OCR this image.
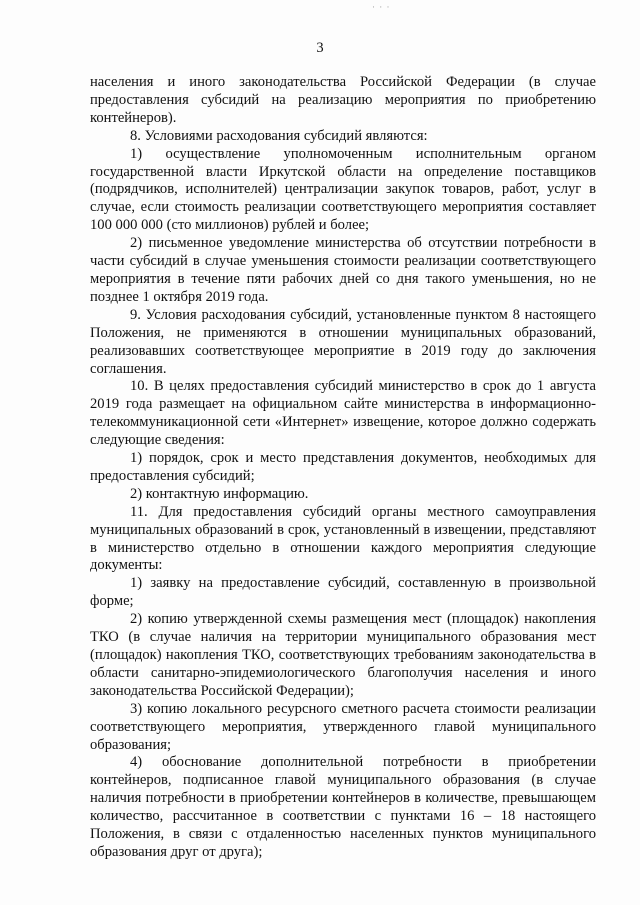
· · ·
3

населения и иного законодательства Российской Федерации (в случае предоставления субсидий на реализацию мероприятия по приобретению контейнеров).

8. Условиями расходования субсидий являются:

1) осуществление уполномоченным исполнительным органом государственной власти Иркутской области на определение поставщиков (подрядчиков, исполнителей) централизации закупок товаров, работ, услуг в случае, если стоимость реализации соответствующего мероприятия составляет 100 000 000 (сто миллионов) рублей и более;

2) письменное уведомление министерства об отсутствии потребности в части субсидий в случае уменьшения стоимости реализации соответствующего мероприятия в течение пяти рабочих дней со дня такого уменьшения, но не позднее 1 октября 2019 года.

9. Условия расходования субсидий, установленные пунктом 8 настоящего Положения, не применяются в отношении муниципальных образований, реализовавших соответствующее мероприятие в 2019 году до заключения соглашения.

10. В целях предоставления субсидий министерство в срок до 1 августа 2019 года размещает на официальном сайте министерства в информационно-телекоммуникационной сети «Интернет» извещение, которое должно содержать следующие сведения:

1) порядок, срок и место представления документов, необходимых для предоставления субсидий;

2) контактную информацию.

11. Для предоставления субсидий органы местного самоуправления муниципальных образований в срок, установленный в извещении, представляют в министерство отдельно в отношении каждого мероприятия следующие документы:

1) заявку на предоставление субсидий, составленную в произвольной форме;

2) копию утвержденной схемы размещения мест (площадок) накопления ТКО (в случае наличия на территории муниципального образования мест (площадок) накопления ТКО, соответствующих требованиям законодательства в области санитарно-эпидемиологического благополучия населения и иного законодательства Российской Федерации);

3) копию локального ресурсного сметного расчета стоимости реализации соответствующего мероприятия, утвержденного главой муниципального образования;

4) обоснование дополнительной потребности в приобретении контейнеров, подписанное главой муниципального образования (в случае наличия потребности в приобретении контейнеров в количестве, превышающем количество, рассчитанное в соответствии с пунктами 16 – 18 настоящего Положения, в связи с отдаленностью населенных пунктов муниципального образования друг от друга);
